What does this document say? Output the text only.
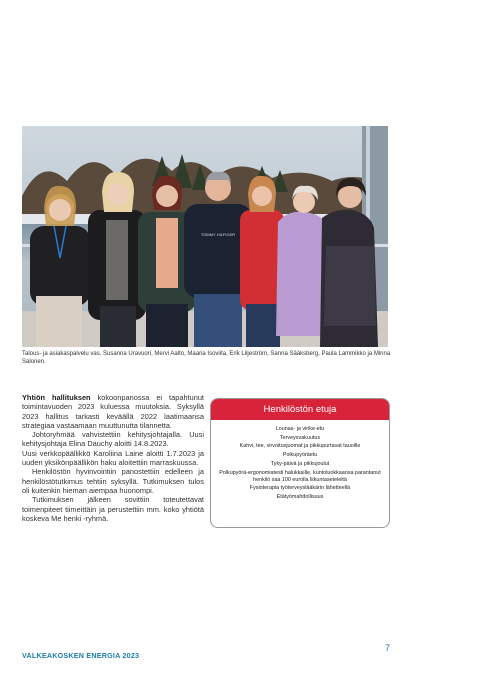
TOMMY HILFIGER
Talous- ja asiakaspalvelu vas. Susanna Uravuori, Mervi Aalto, Maaria Isoviita, Erik Liljeström, Sanna Sääksberg, Paula Lammikko ja Minna Salonen.

Yhtiön hallituksen kokoonpanossa ei tapahtunut toimintavuoden 2023 kuluessa muutoksia. Syksyllä 2023 hallitus tarkasti keväällä 2022 laatimaansa strategiaa vastaamaan muuttunutta tilannetta.

Johtoryhmää vahvistettiin kehitysjohtajalla. Uusi kehitysjohtaja Elina Dauchy aloitti 14.8.2023.

Uusi verkkopäällikkö Karoliina Laine aloitti 1.7.2023 ja uuden yksikönpäällikön haku aloitettiin marraskuussa.

Henkilöstön hyvinvointiin panostettiin edelleen ja henkilöstötutkimus tehtiin syksyllä. Tutkimuksen tulos oli kuitenkin hieman aiempaa huonompi.

Tutkimuksen jälkeen sovittiin toteutettavat toimenpiteet tiimeittäin ja perustettiin mm. koko yhtiötä koskeva Me henki -ryhmä.

Henkilöstön etuja
Lounas- ja virike-etu
Terveysvakuutus
Kahvi, tee, virvoitusjuomat ja pikkupurtavat tauoille
Polkupyöräetu
Tyky-päivä ja pikkujoulut
Polkupyörä-ergonomiatesti halukkaille, kuntoluokkaansa parantanut henkilö saa 100 eurolla liikuntaseteleitä
Fysioterapia työterveyslääkärin lähetteellä
Etätyömahdollisuus
VALKEAKOSKEN ENERGIA 2023
7
